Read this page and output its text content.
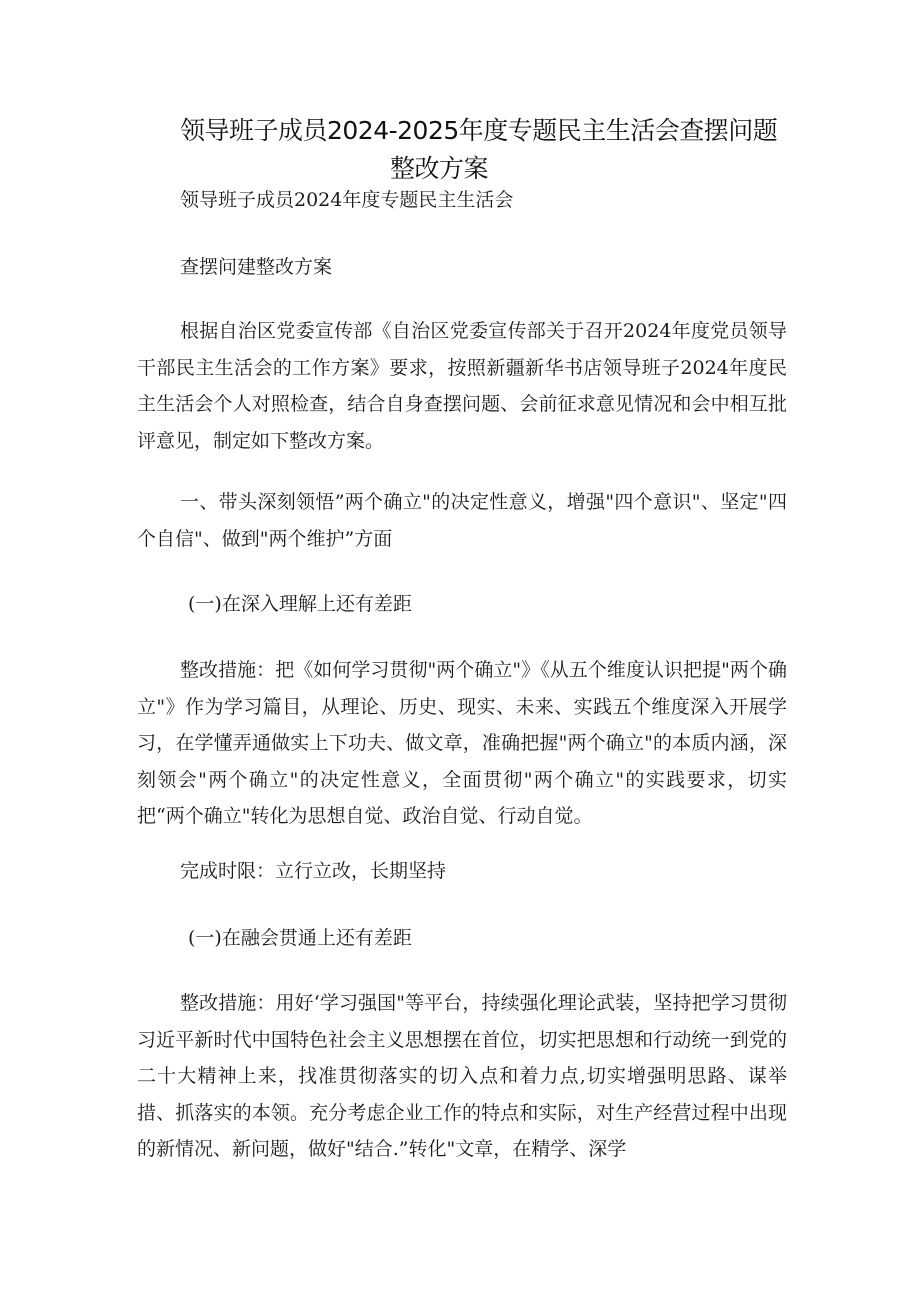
领导班子成员2024-2025年度专题民主生活会查摆问题
整改方案

领导班子成员2024年度专题民主生活会

查摆问建整改方案

根据自治区党委宣传部《自治区党委宣传部关于召开2024年度党员领导干部民主生活会的工作方案》要求，按照新疆新华书店领导班子2024年度民主生活会个人对照检查，结合自身查摆问题、会前征求意见情况和会中相互批评意见，制定如下整改方案。

一、带头深刻领悟”两个确立"的决定性意义，增强"四个意识"、坚定"四个自信"、做到"两个维护”方面

(一)在深入理解上还有差距

整改措施：把《如何学习贯彻"两个确立"》《从五个维度认识把提"两个确立"》作为学习篇目，从理论、历史、现实、未来、实践五个维度深入开展学习，在学懂弄通做实上下功夫、做文章，准确把握"两个确立"的本质内涵，深刻领会"两个确立"的决定性意义，全面贯彻"两个确立"的实践要求，切实把“两个确立"转化为思想自觉、政治自觉、行动自觉。

完成时限：立行立改，长期坚持

(一)在融会贯通上还有差距

整改措施：用好‘学习强国"等平台，持续强化理论武装，坚持把学习贯彻习近平新时代中国特色社会主义思想摆在首位，切实把思想和行动统一到党的二十大精神上来，找准贯彻落实的切入点和着力点,切实增强明思路、谋举措、抓落实的本领。充分考虑企业工作的特点和实际，对生产经营过程中出现的新情况、新问题，做好"结合.”转化"文章，在精学、深学
